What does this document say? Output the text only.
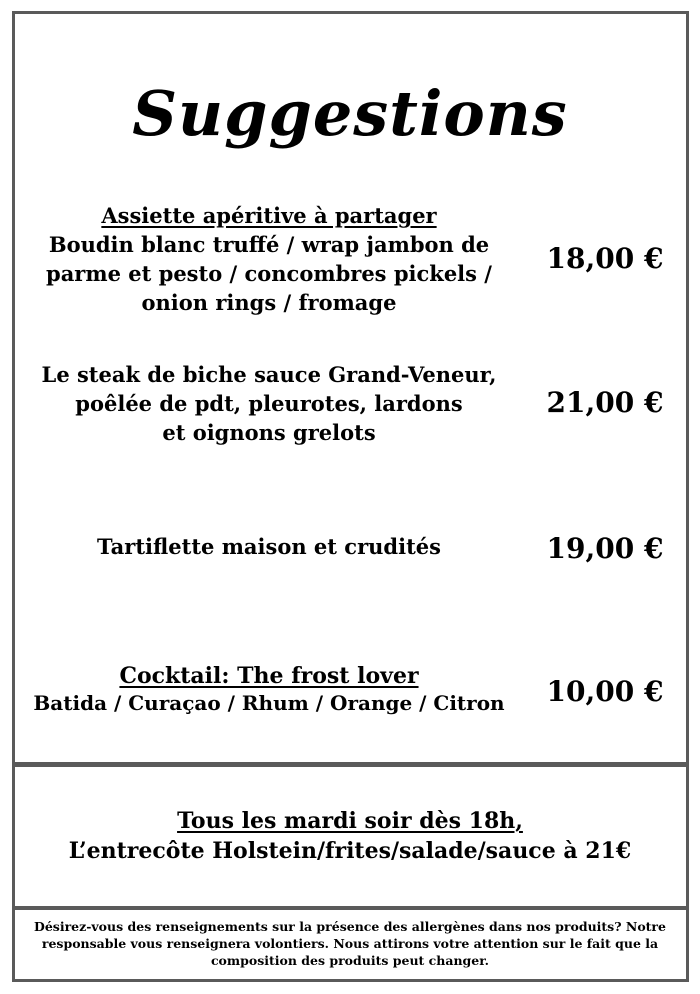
Suggestions
Assiette apéritive à partager
Boudin blanc truffé / wrap jambon de
parme et pesto / concombres pickels /
onion rings / fromage
18,00 €
Le steak de biche sauce Grand-Veneur,
poêlée de pdt, pleurotes, lardons
et oignons grelots
21,00 €
Tartiflette maison et crudités	19,00 €
Cocktail: The frost lover
Batida / Curaçao / Rhum / Orange / Citron	10,00 €
Tous les mardi soir dès 18h,
L’entrecôte Holstein/frites/salade/sauce à 21€
Désirez-vous des renseignements sur la présence des allergènes dans nos produits? Notre
responsable vous renseignera volontiers. Nous attirons votre attention sur le fait que la
composition des produits peut changer.
